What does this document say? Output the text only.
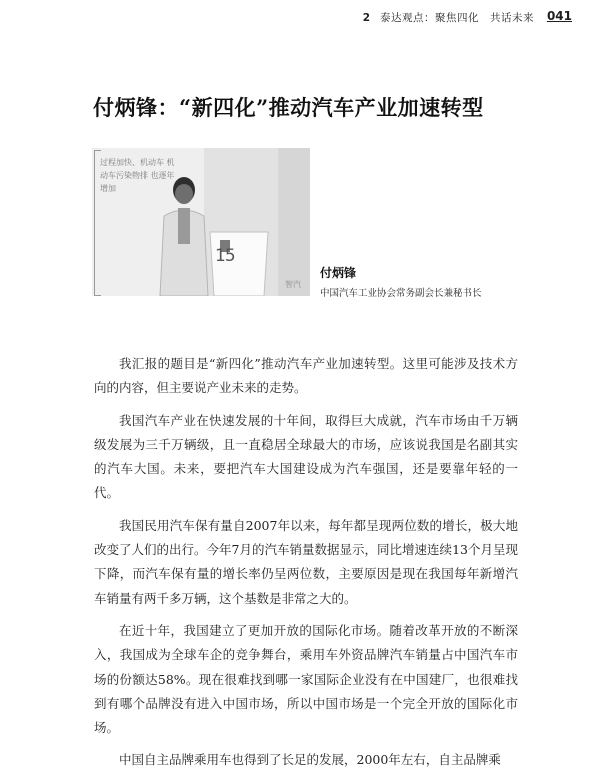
2 泰达观点：聚焦四化　共话未来 041
付炳锋：“新四化”推动汽车产业加速转型
过程加快、机动车 机动车污染物排 也逐年增加
15
智汽
付炳锋
中国汽车工业协会常务副会长兼秘书长

我汇报的题目是“新四化”推动汽车产业加速转型。这里可能涉及技术方向的内容，但主要说产业未来的走势。

我国汽车产业在快速发展的十年间，取得巨大成就，汽车市场由千万辆级发展为三千万辆级，且一直稳居全球最大的市场，应该说我国是名副其实的汽车大国。未来，要把汽车大国建设成为汽车强国，还是要靠年轻的一代。

我国民用汽车保有量自2007年以来，每年都呈现两位数的增长，极大地改变了人们的出行。今年7月的汽车销量数据显示，同比增速连续13个月呈现下降，而汽车保有量的增长率仍呈两位数，主要原因是现在我国每年新增汽车销量有两千多万辆，这个基数是非常之大的。

在近十年，我国建立了更加开放的国际化市场。随着改革开放的不断深入，我国成为全球车企的竞争舞台，乘用车外资品牌汽车销量占中国汽车市场的份额达58%。现在很难找到哪一家国际企业没有在中国建厂，也很难找到有哪个品牌没有进入中国市场，所以中国市场是一个完全开放的国际化市场。

中国自主品牌乘用车也得到了长足的发展，2000年左右，自主品牌乘
